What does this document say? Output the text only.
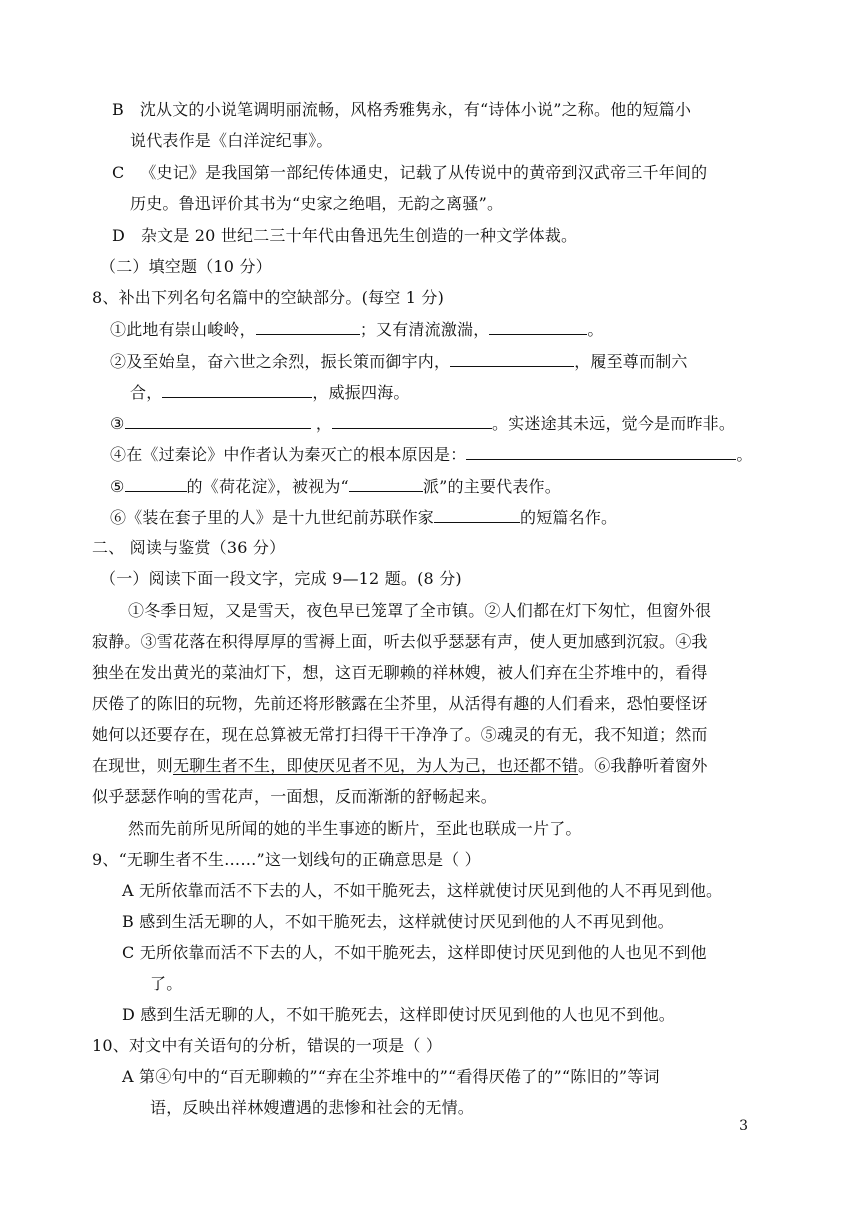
B 沈从文的小说笔调明丽流畅，风格秀雅隽永，有“诗体小说”之称。他的短篇小
说代表作是《白洋淀纪事》。
C 《史记》是我国第一部纪传体通史，记载了从传说中的黄帝到汉武帝三千年间的
历史。鲁迅评价其书为“史家之绝唱，无韵之离骚”。
D 杂文是 20 世纪二三十年代由鲁迅先生创造的一种文学体裁。
（二）填空题（10 分）
8、补出下列名句名篇中的空缺部分。(每空 1 分)
①此地有崇山峻岭，	；又有清流激湍，	。
②及至始皇，奋六世之余烈，振长策而御宇内，	，履至尊而制六
合，	，威振四海。
③	，	。实迷途其未远，觉今是而昨非。
④在《过秦论》中作者认为秦灭亡的根本原因是：	。
⑤	的《荷花淀》，被视为“	派”的主要代表作。
⑥《装在套子里的人》是十九世纪前苏联作家	的短篇名作。
二、 阅读与鉴赏（36 分）
（一）阅读下面一段文字，完成 9—12 题。(8 分)
①冬季日短，又是雪天，夜色早已笼罩了全市镇。②人们都在灯下匆忙，但窗外很
寂静。③雪花落在积得厚厚的雪褥上面，听去似乎瑟瑟有声，使人更加感到沉寂。④我
独坐在发出黄光的菜油灯下，想，这百无聊赖的祥林嫂，被人们弃在尘芥堆中的，看得
厌倦了的陈旧的玩物，先前还将形骸露在尘芥里，从活得有趣的人们看来，恐怕要怪讶
她何以还要存在，现在总算被无常打扫得干干净净了。⑤魂灵的有无，我不知道；然而
在现世，则无聊生者不生，即使厌见者不见，为人为己，也还都不错。⑥我静听着窗外
似乎瑟瑟作响的雪花声，一面想，反而渐渐的舒畅起来。
然而先前所见所闻的她的半生事迹的断片，至此也联成一片了。
9、“无聊生者不生……”这一划线句的正确意思是（ ）
A 无所依靠而活不下去的人，不如干脆死去，这样就使讨厌见到他的人不再见到他。
B 感到生活无聊的人，不如干脆死去，这样就使讨厌见到他的人不再见到他。
C 无所依靠而活不下去的人，不如干脆死去，这样即使讨厌见到他的人也见不到他
了。
D 感到生活无聊的人，不如干脆死去，这样即使讨厌见到他的人也见不到他。
10、对文中有关语句的分析，错误的一项是（ ）
A 第④句中的“百无聊赖的”“弃在尘芥堆中的”“看得厌倦了的”“陈旧的”等词
语，反映出祥林嫂遭遇的悲惨和社会的无情。
3
